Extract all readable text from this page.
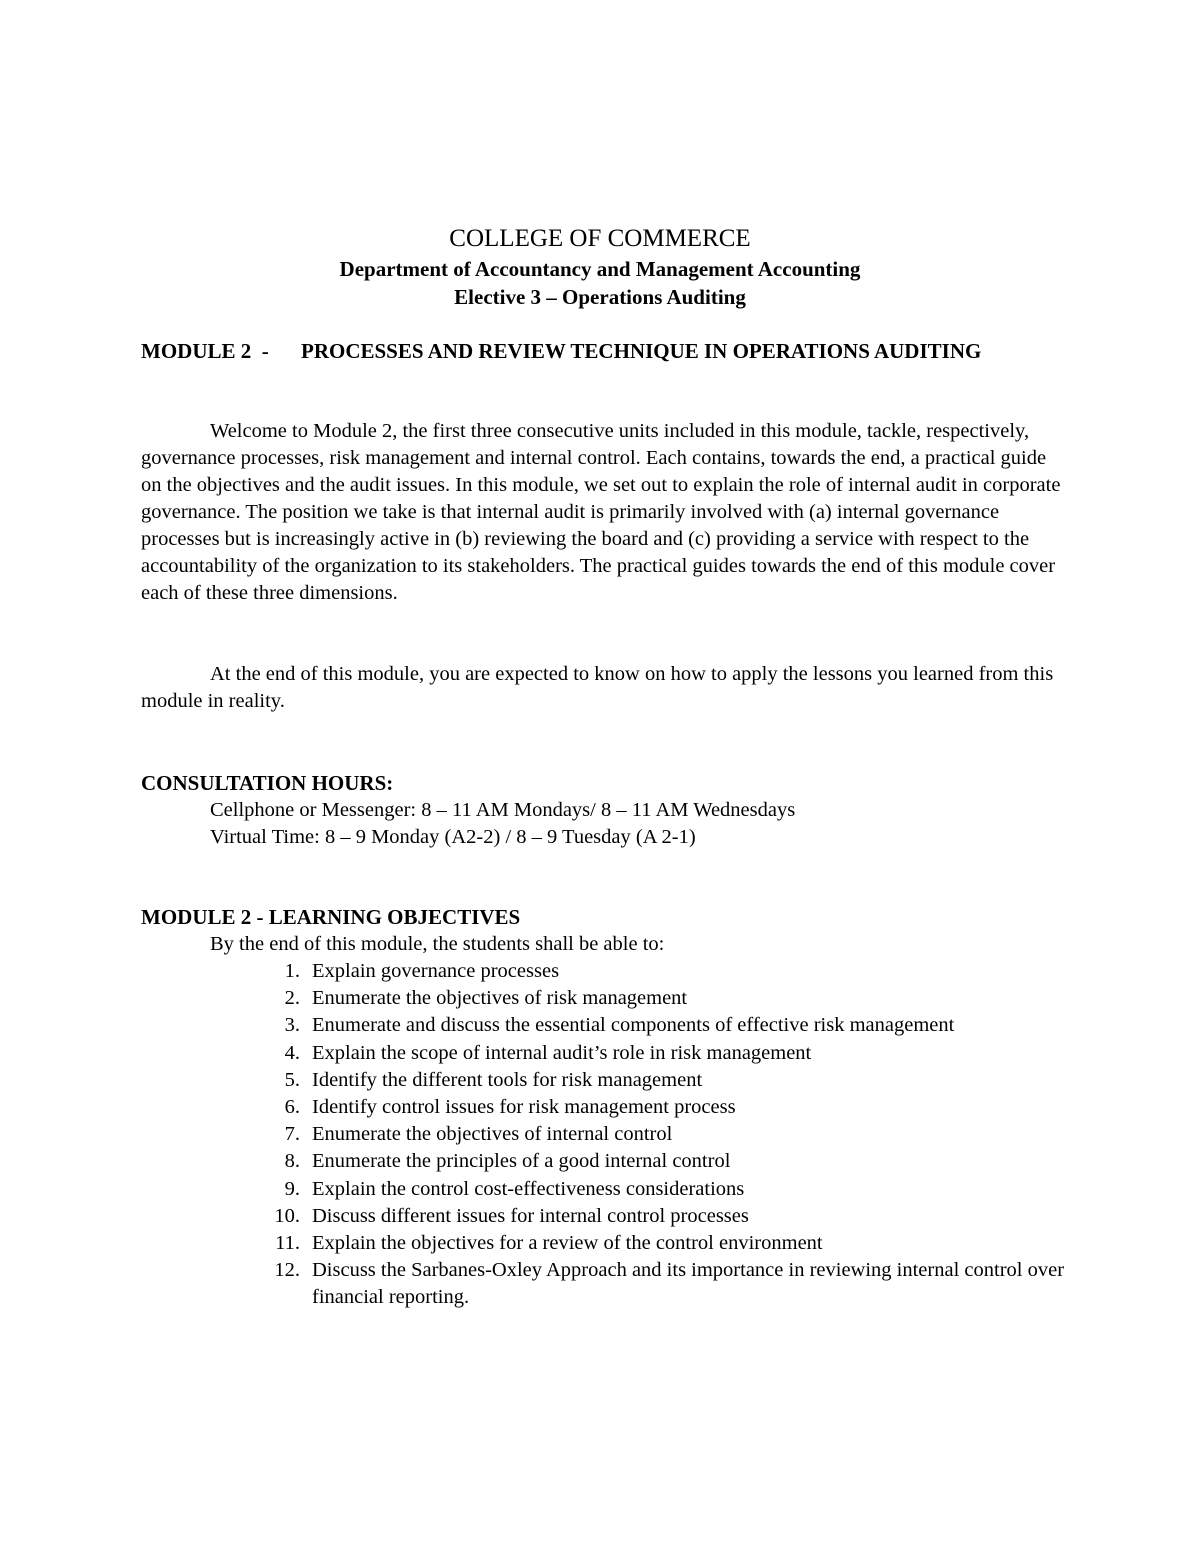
COLLEGE OF COMMERCE
Department of Accountancy and Management Accounting
Elective 3 – Operations Auditing
MODULE 2  - PROCESSES AND REVIEW TECHNIQUE IN OPERATIONS AUDITING

Welcome to Module 2, the first three consecutive units included in this module, tackle, respectively, governance processes, risk management and internal control. Each contains, towards the end, a practical guide on the objectives and the audit issues. In this module, we set out to explain the role of internal audit in corporate governance. The position we take is that internal audit is primarily involved with (a) internal governance processes but is increasingly active in (b) reviewing the board and (c) providing a service with respect to the accountability of the organization to its stakeholders. The practical guides towards the end of this module cover each of these three dimensions.

At the end of this module, you are expected to know on how to apply the lessons you learned from this module in reality.

CONSULTATION HOURS:
Cellphone or Messenger: 8 – 11 AM Mondays/ 8 – 11 AM Wednesdays
Virtual Time: 8 – 9 Monday (A2-2) / 8 – 9 Tuesday (A 2-1)
MODULE 2 - LEARNING OBJECTIVES
By the end of this module, the students shall be able to:
1. Explain governance processes
2. Enumerate the objectives of risk management
3. Enumerate and discuss the essential components of effective risk management
4. Explain the scope of internal audit’s role in risk management
5. Identify the different tools for risk management
6. Identify control issues for risk management process
7. Enumerate the objectives of internal control
8. Enumerate the principles of a good internal control
9. Explain the control cost-effectiveness considerations
10. Discuss different issues for internal control processes
11. Explain the objectives for a review of the control environment
12. Discuss the Sarbanes-Oxley Approach and its importance in reviewing internal control over financial reporting.
